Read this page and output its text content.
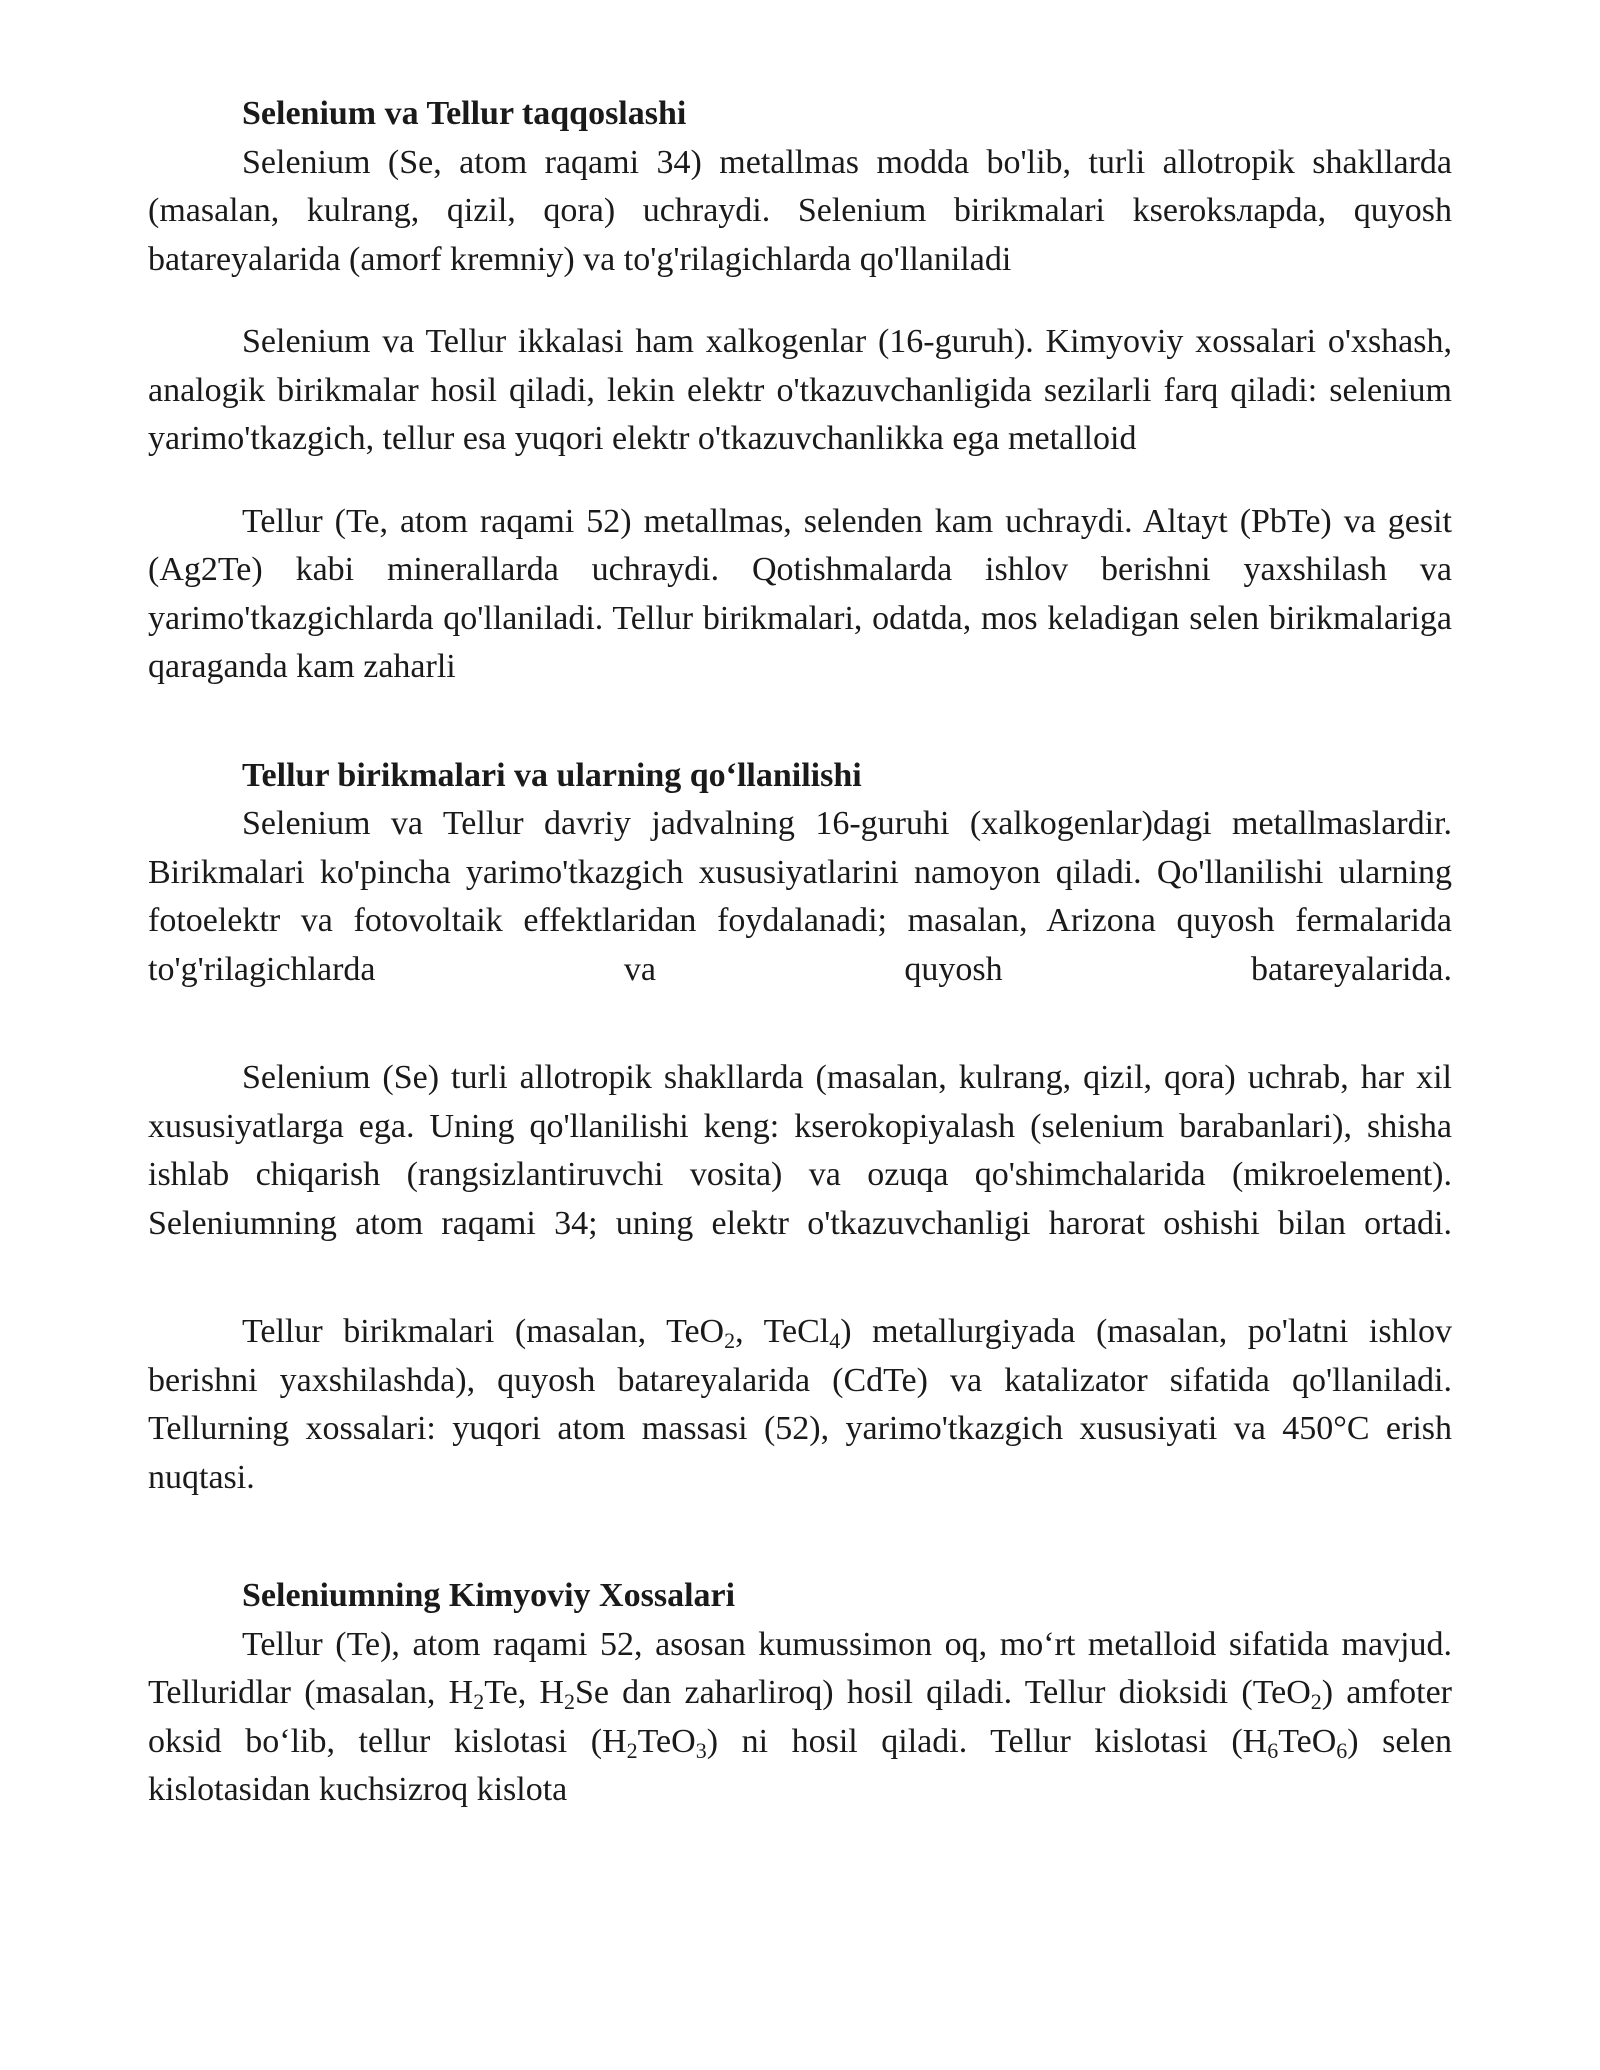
Selenium va Tellur taqqoslashi

Selenium (Se, atom raqami 34) metallmas modda bo'lib, turli allotropik shakllarda (masalan, kulrang, qizil, qora) uchraydi. Selenium birikmalari kseroksларda, quyosh batareyalarida (amorf kremniy) va to'g'rilagichlarda qo'llaniladi

Selenium va Tellur ikkalasi ham xalkogenlar (16-guruh). Kimyoviy xossalari o'xshash, analogik birikmalar hosil qiladi, lekin elektr o'tkazuvchanligida sezilarli farq qiladi: selenium yarimo'tkazgich, tellur esa yuqori elektr o'tkazuvchanlikka ega metalloid

Tellur (Te, atom raqami 52) metallmas, selenden kam uchraydi. Altayt (PbTe) va gesit (Ag2Te) kabi minerallarda uchraydi. Qotishmalarda ishlov berishni yaxshilash va yarimo'tkazgichlarda qo'llaniladi. Tellur birikmalari, odatda, mos keladigan selen birikmalariga qaraganda kam zaharli

Tellur birikmalari va ularning qo‘llanilishi

Selenium va Tellur davriy jadvalning 16-guruhi (xalkogenlar)dagi metallmaslardir. Birikmalari ko'pincha yarimo'tkazgich xususiyatlarini namoyon qiladi. Qo'llanilishi ularning fotoelektr va fotovoltaik effektlaridan foydalanadi; masalan, Arizona quyosh fermalarida to'g'rilagichlarda va quyosh batareyalarida.

Selenium (Se) turli allotropik shakllarda (masalan, kulrang, qizil, qora) uchrab, har xil xususiyatlarga ega. Uning qo'llanilishi keng: kserokopiyalash (selenium barabanlari), shisha ishlab chiqarish (rangsizlantiruvchi vosita) va ozuqa qo'shimchalarida (mikroelement). Seleniumning atom raqami 34; uning elektr o'tkazuvchanligi harorat oshishi bilan ortadi.

Tellur birikmalari (masalan, TeO$_2$, TeCl$_4$) metallurgiyada (masalan, po'latni ishlov berishni yaxshilashda), quyosh batareyalarida (CdTe) va katalizator sifatida qo'llaniladi. Tellurning xossalari: yuqori atom massasi (52), yarimo'tkazgich xususiyati va 450°C erish nuqtasi.

Seleniumning Kimyoviy Xossalari

Tellur (Te), atom raqami 52, asosan kumussimon oq, mo‘rt metalloid sifatida mavjud. Telluridlar (masalan, $H_2Te$, $H_2Se$ dan zaharliroq) hosil qiladi. Tellur dioksidi (TeO$_2$) amfoter oksid bo‘lib, tellur kislotasi $(H_2TeO_3)$ ni hosil qiladi. Tellur kislotasi $(H_6TeO_6)$ selen kislotasidan kuchsizroq kislota
